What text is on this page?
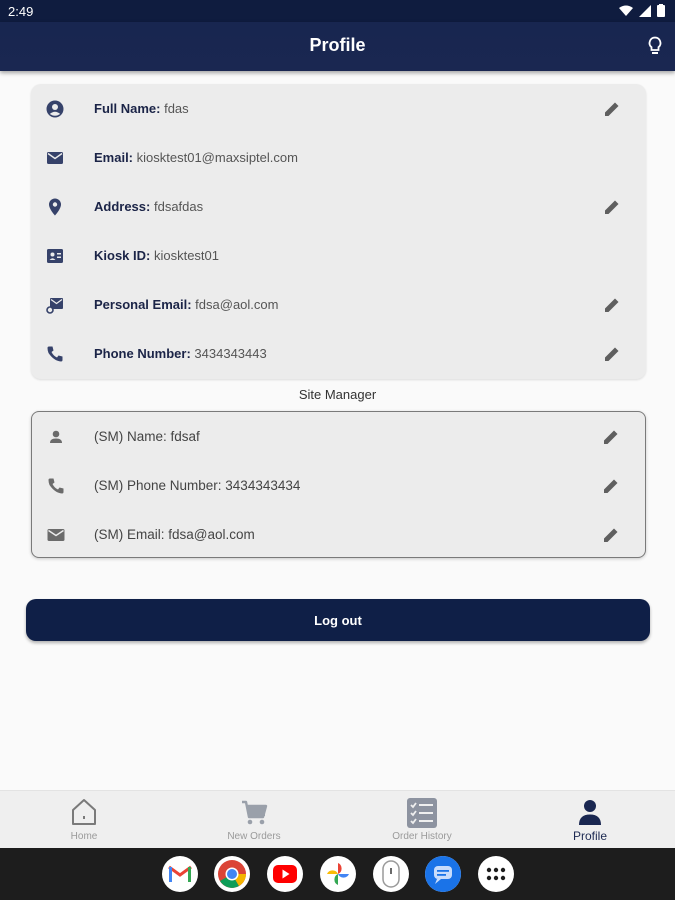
2:49
Profile
Full Name: fdas
Email: kiosktest01@maxsiptel.com
Address: fdsafdas
Kiosk ID: kiosktest01
Personal Email: fdsa@aol.com
Phone Number: 3434343443
Site Manager
(SM) Name: fdsaf
(SM) Phone Number: 3434343434
(SM) Email: fdsa@aol.com
Log out
Home	New Orders	Order History	Profile
